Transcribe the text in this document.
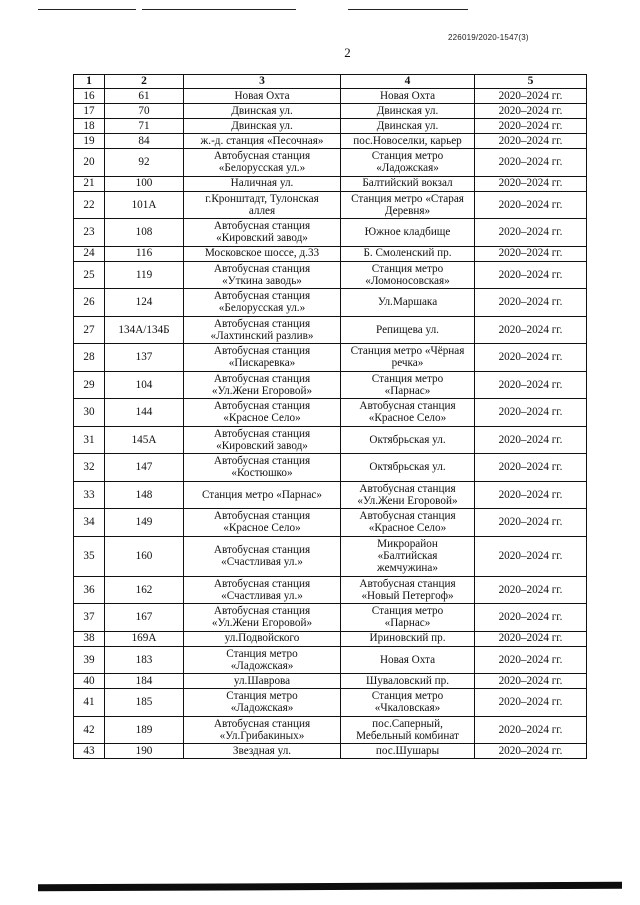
226019/2020-1547(3)
2
1	2	3	4	5
16	61	Новая Охта	Новая Охта	2020–2024 гг.
17	70	Двинская ул.	Двинская ул.	2020–2024 гг.
18	71	Двинская ул.	Двинская ул.	2020–2024 гг.
19	84	ж.-д. станция «Песочная»	пос.Новоселки, карьер	2020–2024 гг.
20	92	Автобусная станция
«Белорусская ул.»	Станция метро
«Ладожская»	2020–2024 гг.
21	100	Наличная ул.	Балтийский вокзал	2020–2024 гг.
22	101А	г.Кронштадт, Тулонская
аллея	Станция метро «Старая
Деревня»	2020–2024 гг.
23	108	Автобусная станция
«Кировский завод»	Южное кладбище	2020–2024 гг.
24	116	Московское шоссе, д.33	Б. Смоленский пр.	2020–2024 гг.
25	119	Автобусная станция
«Уткина заводь»	Станция метро
«Ломоносовская»	2020–2024 гг.
26	124	Автобусная станция
«Белорусская ул.»	Ул.Маршака	2020–2024 гг.
27	134А/134Б	Автобусная станция
«Лахтинский разлив»	Репищева ул.	2020–2024 гг.
28	137	Автобусная станция
«Пискаревка»	Станция метро «Чёрная
речка»	2020–2024 гг.
29	104	Автобусная станция
«Ул.Жени Егоровой»	Станция метро
«Парнас»	2020–2024 гг.
30	144	Автобусная станция
«Красное Село»	Автобусная станция
«Красное Село»	2020–2024 гг.
31	145А	Автобусная станция
«Кировский завод»	Октябрьская ул.	2020–2024 гг.
32	147	Автобусная станция
«Костюшко»	Октябрьская ул.	2020–2024 гг.
33	148	Станция метро «Парнас»	Автобусная станция
«Ул.Жени Егоровой»	2020–2024 гг.
34	149	Автобусная станция
«Красное Село»	Автобусная станция
«Красное Село»	2020–2024 гг.
35	160	Автобусная станция
«Счастливая ул.»	Микрорайон
«Балтийская
жемчужина»	2020–2024 гг.
36	162	Автобусная станция
«Счастливая ул.»	Автобусная станция
«Новый Петергоф»	2020–2024 гг.
37	167	Автобусная станция
«Ул.Жени Егоровой»	Станция метро
«Парнас»	2020–2024 гг.
38	169А	ул.Подвойского	Ириновский пр.	2020–2024 гг.
39	183	Станция метро
«Ладожская»	Новая Охта	2020–2024 гг.
40	184	ул.Шаврова	Шуваловский пр.	2020–2024 гг.
41	185	Станция метро
«Ладожская»	Станция метро
«Чкаловская»	2020–2024 гг.
42	189	Автобусная станция
«Ул.Грибакиных»	пос.Саперный,
Мебельный комбинат	2020–2024 гг.
43	190	Звездная ул.	пос.Шушары	2020–2024 гг.
